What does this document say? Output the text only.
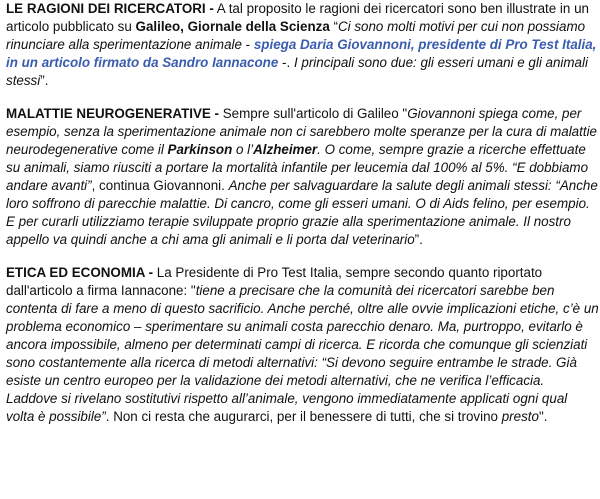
LE RAGIONI DEI RICERCATORI - A tal proposito le ragioni dei ricercatori sono ben illustrate in un articolo pubblicato su Galileo, Giornale della Scienza “Ci sono molti motivi per cui non possiamo rinunciare alla sperimentazione animale - spiega Daria Giovannoni, presidente di Pro Test Italia, in un articolo firmato da Sandro Iannacone -. I principali sono due: gli esseri umani e gli animali stessi”.

MALATTIE NEUROGENERATIVE - Sempre sull'articolo di Galileo "Giovannoni spiega come, per esempio, senza la sperimentazione animale non ci sarebbero molte speranze per la cura di malattie neurodegenerative come il Parkinson o l’Alzheimer. O come, sempre grazie a ricerche effettuate su animali, siamo riusciti a portare la mortalità infantile per leucemia dal 100% al 5%. “E dobbiamo andare avanti”, continua Giovannoni. Anche per salvaguardare la salute degli animali stessi: “Anche loro soffrono di parecchie malattie. Di cancro, come gli esseri umani. O di Aids felino, per esempio. E per curarli utilizziamo terapie sviluppate proprio grazie alla sperimentazione animale. Il nostro appello va quindi anche a chi ama gli animali e li porta dal veterinario”.

ETICA ED ECONOMIA - La Presidente di Pro Test Italia, sempre secondo quanto riportato dall'articolo a firma Iannacone: "tiene a precisare che la comunità dei ricercatori sarebbe ben contenta di fare a meno di questo sacrificio. Anche perché, oltre alle ovvie implicazioni etiche, c’è un problema economico – sperimentare su animali costa parecchio denaro. Ma, purtroppo, evitarlo è ancora impossibile, almeno per determinati campi di ricerca. E ricorda che comunque gli scienziati sono costantemente alla ricerca di metodi alternativi: “Si devono seguire entrambe le strade. Già esiste un centro europeo per la validazione dei metodi alternativi, che ne verifica l’efficacia. Laddove si rivelano sostitutivi rispetto all’animale, vengono immediatamente applicati ogni qual volta è possibile”. Non ci resta che augurarci, per il benessere di tutti, che si trovino presto".
